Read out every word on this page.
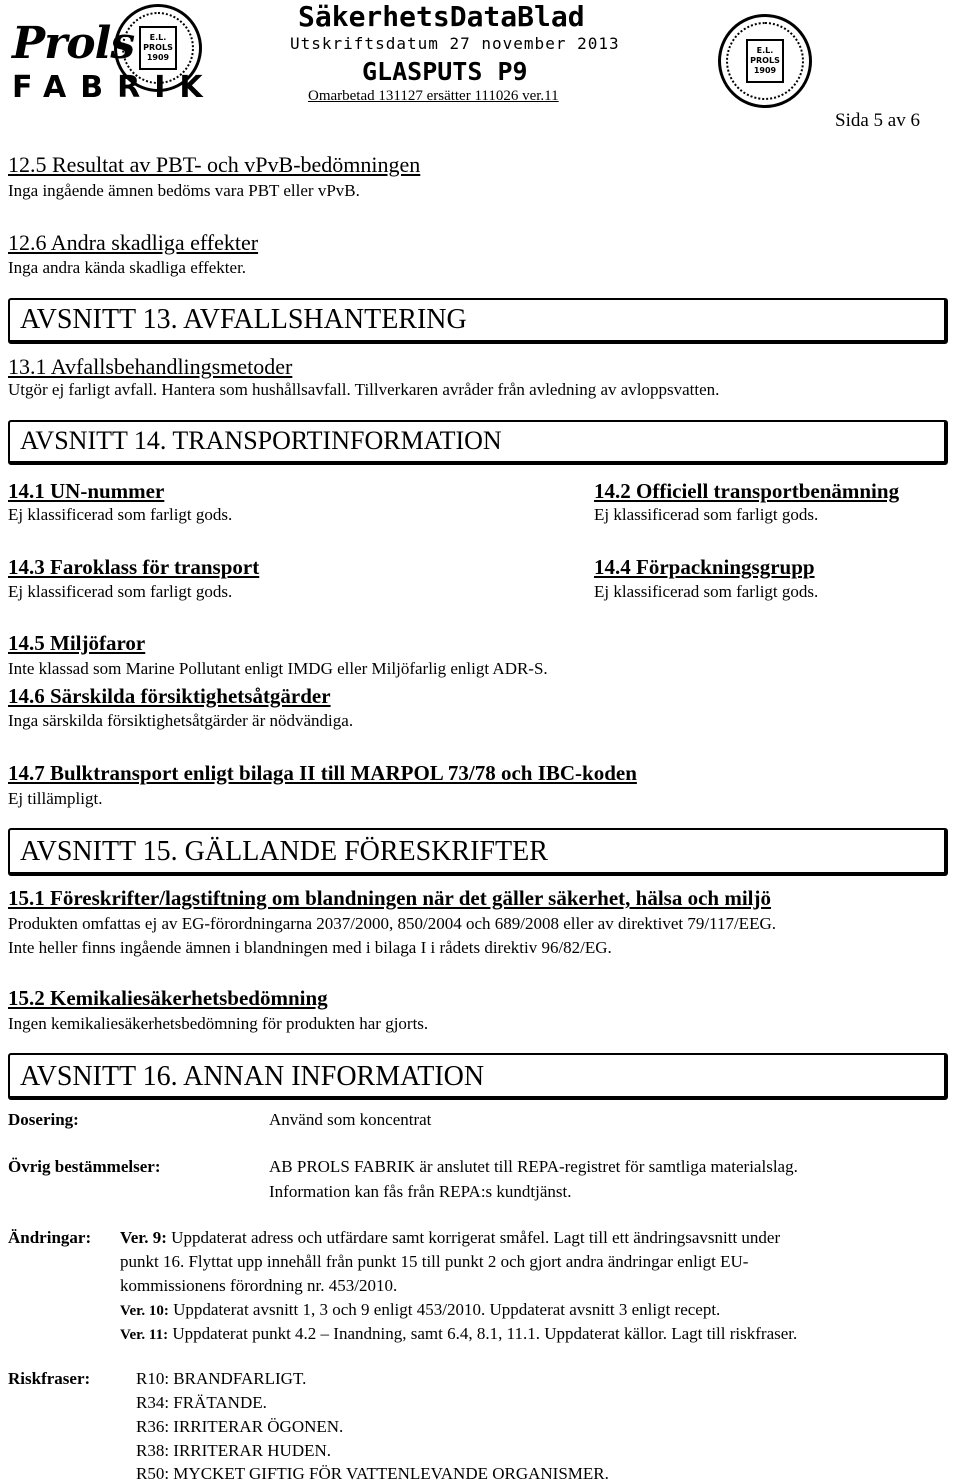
Prols
FABRIK
E.L.
PROLS
1909
E.L.
PROLS
1909
SäkerhetsDataBlad
Utskriftsdatum 27 november 2013
GLASPUTS P9
Omarbetad 131127 ersätter 111026 ver.11
Sida 5 av 6
12.5 Resultat av PBT- och vPvB-bedömningen
Inga ingående ämnen bedöms vara PBT eller vPvB.
12.6 Andra skadliga effekter
Inga andra kända skadliga effekter.
AVSNITT 13. AVFALLSHANTERING
13.1 Avfallsbehandlingsmetoder
Utgör ej farligt avfall. Hantera som hushållsavfall. Tillverkaren avråder från avledning av avloppsvatten.
AVSNITT 14. TRANSPORTINFORMATION
14.1 UN-nummer
Ej klassificerad som farligt gods.
14.2 Officiell transportbenämning
Ej klassificerad som farligt gods.
14.3 Faroklass för transport
Ej klassificerad som farligt gods.
14.4 Förpackningsgrupp
Ej klassificerad som farligt gods.
14.5 Miljöfaror
Inte klassad som Marine Pollutant enligt IMDG eller Miljöfarlig enligt ADR-S.
14.6 Särskilda försiktighetsåtgärder
Inga särskilda försiktighetsåtgärder är nödvändiga.
14.7 Bulktransport enligt bilaga II till MARPOL 73/78 och IBC-koden
Ej tillämpligt.
AVSNITT 15. GÄLLANDE FÖRESKRIFTER
15.1 Föreskrifter/lagstiftning om blandningen när det gäller säkerhet, hälsa och miljö
Produkten omfattas ej av EG-förordningarna 2037/2000, 850/2004 och 689/2008 eller av direktivet 79/117/EEG.
Inte heller finns ingående ämnen i blandningen med i bilaga I i rådets direktiv 96/82/EG.
15.2 Kemikaliesäkerhetsbedömning
Ingen kemikaliesäkerhetsbedömning för produkten har gjorts.
AVSNITT 16. ANNAN INFORMATION
Dosering:	Använd som koncentrat
Övrig bestämmelser:	AB PROLS FABRIK är anslutet till REPA-registret för samtliga materialslag.
Information kan fås från REPA:s kundtjänst.
Ändringar: Ver. 9: Uppdaterat adress och utfärdare samt korrigerat småfel. Lagt till ett ändringsavsnitt under
punkt 16. Flyttat upp innehåll från punkt 15 till punkt 2 och gjort andra ändringar enligt EU-
kommissionens förordning nr. 453/2010.
Ver. 10: Uppdaterat avsnitt 1, 3 och 9 enligt 453/2010. Uppdaterat avsnitt 3 enligt recept.
Ver. 11: Uppdaterat punkt 4.2 – Inandning, samt 6.4, 8.1, 11.1. Uppdaterat källor. Lagt till riskfraser.
Riskfraser:	R10: BRANDFARLIGT.
R34: FRÄTANDE.
R36: IRRITERAR ÖGONEN.
R38: IRRITERAR HUDEN.
R50: MYCKET GIFTIG FÖR VATTENLEVANDE ORGANISMER.
